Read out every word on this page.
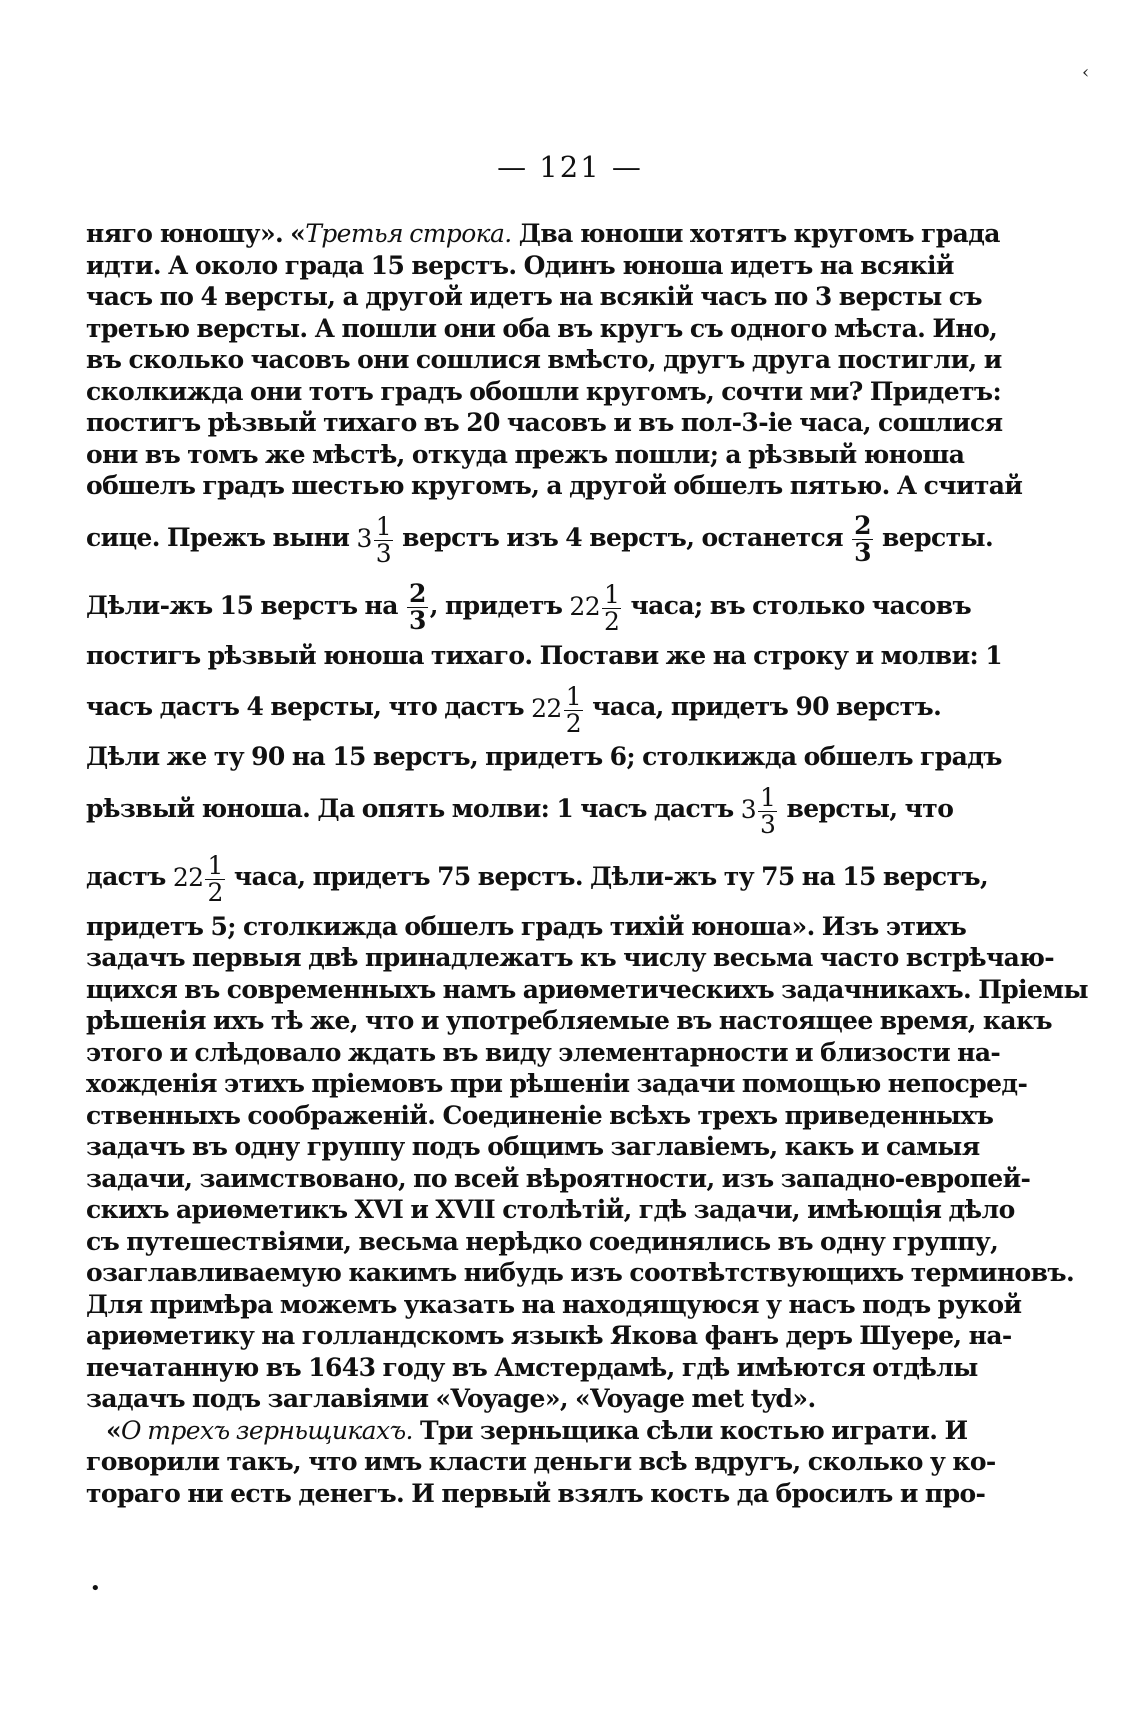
‹
— 121 —
няго юношу». «Третья строка. Два юноши хотятъ кругомъ града
идти. А около града 15 верстъ. Одинъ юноша идетъ на всякій
часъ по 4 версты, а другой идетъ на всякій часъ по 3 версты съ
третью версты. А пошли они оба въ кругъ съ одного мѣста. Ино,
въ сколько часовъ они сошлися вмѣсто, другъ друга постигли, и
сколкижда они тотъ градъ обошли кругомъ, сочти ми? Придетъ:
постигъ рѣзвый тихаго въ 20 часовъ и въ пол-3-іе часа, сошлися
они въ томъ же мѣстѣ, откуда прежъ пошли; а рѣзвый юноша
обшелъ градъ шестью кругомъ, а другой обшелъ пятью. А считай
сице. Прежъ выни $3 \frac{1}{3}$ верстъ изъ 4 верстъ, останется $\frac{2}{3}$ версты.
Дѣли-жъ 15 верстъ на $\frac{2}{3}$ , придетъ $22 \frac{1}{2}$ часа; въ столько часовъ
постигъ рѣзвый юноша тихаго. Постави же на строку и молви: 1
часъ дастъ 4 версты, что дастъ $22 \frac{1}{2}$ часа, придетъ 90 верстъ.
Дѣли же ту 90 на 15 верстъ, придетъ 6; столкижда обшелъ градъ
рѣзвый юноша. Да опять молви: 1 часъ дастъ $3 \frac{1}{3}$ версты, что
дастъ $22 \frac{1}{2}$ часа, придетъ 75 верстъ. Дѣли-жъ ту 75 на 15 верстъ,
придетъ 5; столкижда обшелъ градъ тихій юноша». Изъ этихъ
задачъ первыя двѣ принадлежатъ къ числу весьма часто встрѣчаю-
щихся въ современныхъ намъ ариѳметическихъ задачникахъ. Пріемы
рѣшенія ихъ тѣ же, что и употребляемые въ настоящее время, какъ
этого и слѣдовало ждать въ виду элементарности и близости на-
хожденія этихъ пріемовъ при рѣшеніи задачи помощью непосред-
ственныхъ соображеній. Соединеніе всѣхъ трехъ приведенныхъ
задачъ въ одну группу подъ общимъ заглавіемъ, какъ и самыя
задачи, заимствовано, по всей вѣроятности, изъ западно-европей-
скихъ ариѳметикъ XVI и XVII столѣтій, гдѣ задачи, имѣющія дѣло
съ путешествіями, весьма нерѣдко соединялись въ одну группу,
озаглавливаемую какимъ нибудь изъ соотвѣтствующихъ терминовъ.
Для примѣра можемъ указать на находящуюся у насъ подъ рукой
ариѳметику на голландскомъ языкѣ Якова фанъ деръ Шуере, на-
печатанную въ 1643 году въ Амстердамѣ, гдѣ имѣются отдѣлы
задачъ подъ заглавіями «Voyage», «Voyage met tyd».
«О трехъ зерньщикахъ. Три зерньщика сѣли костью играти. И
говорили такъ, что имъ класти деньги всѣ вдругъ, сколько у ко-
тораго ни есть денегъ. И первый взялъ кость да бросилъ и про-
•
